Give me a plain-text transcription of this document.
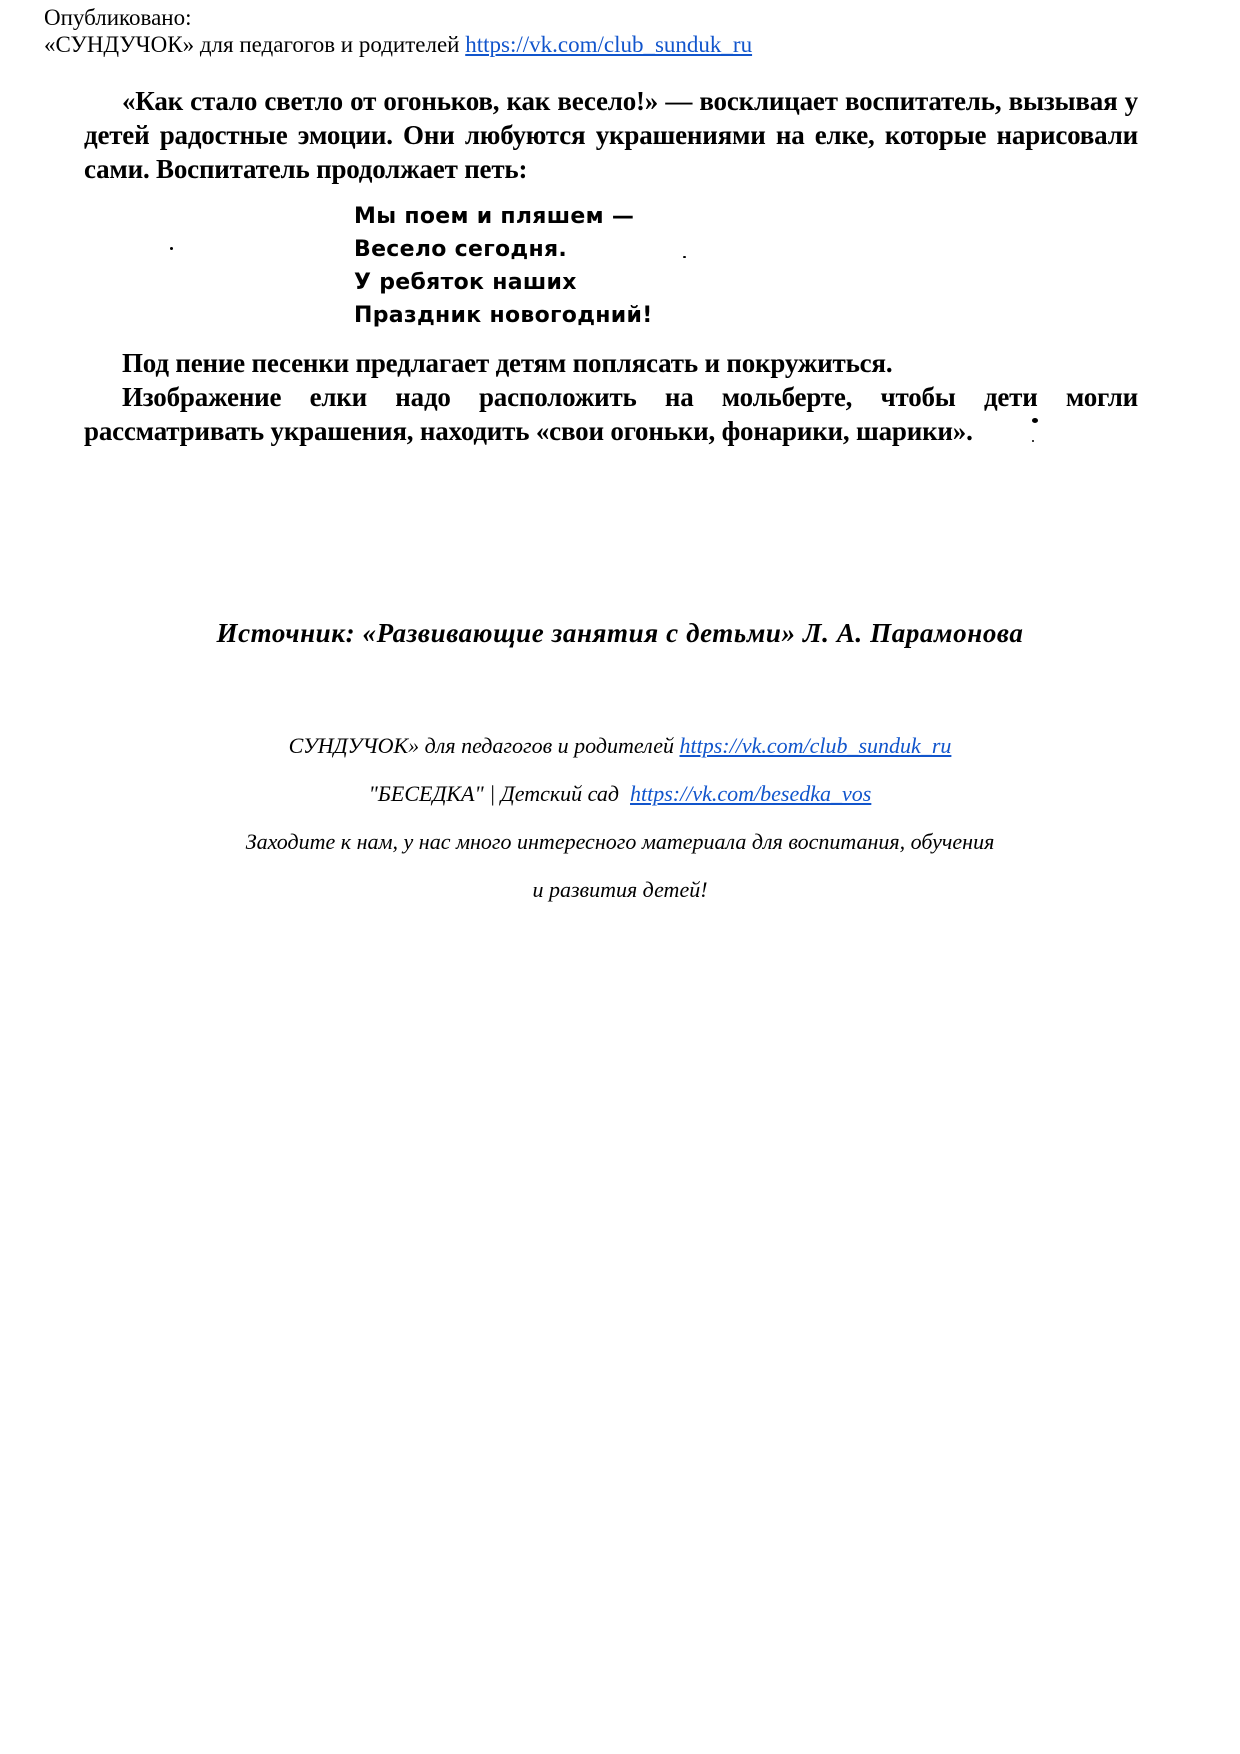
Опубликовано:
«СУНДУЧОК» для педагогов и родителей https://vk.com/club_sunduk_ru

«Как стало светло от огоньков, как весело!» — восклицает воспитатель, вызывая у детей радостные эмоции. Они любуются украшениями на елке, которые нарисовали сами. Воспитатель продолжает петь:

Мы поем и пляшем —
Весело сегодня.
У ребяток наших
Праздник новогодний!

Под пение песенки предлагает детям поплясать и покружиться.

Изображение елки надо расположить на мольберте, чтобы дети могли рассматривать украшения, находить «свои огоньки, фонарики, шарики».

Источник: «Развивающие занятия с детьми» Л. А. Парамонова
СУНДУЧОК» для педагогов и родителей https://vk.com/club_sunduk_ru
"БЕСЕДКА" | Детский сад https://vk.com/besedka_vos
Заходите к нам, у нас много интересного материала для воспитания, обучения
и развития детей!
